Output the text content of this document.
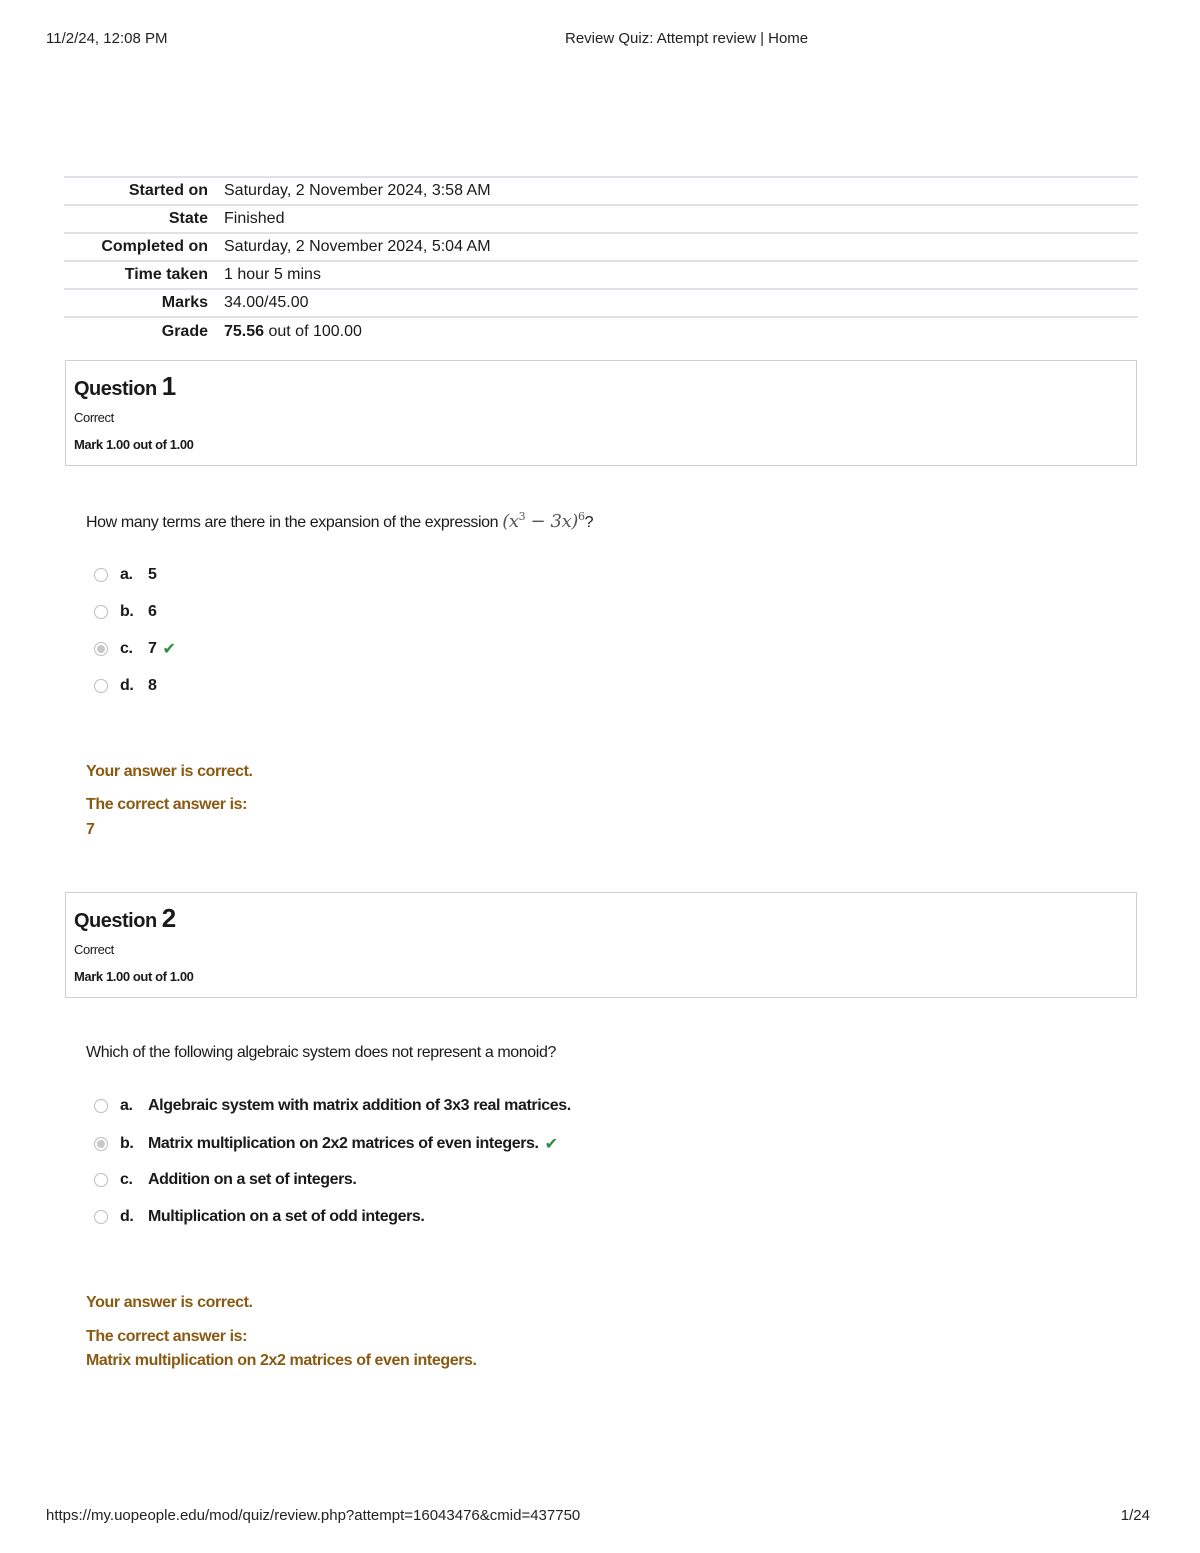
11/2/24, 12:08 PM	Review Quiz: Attempt review | Home
Started on	Saturday, 2 November 2024, 3:58 AM
State	Finished
Completed on	Saturday, 2 November 2024, 5:04 AM
Time taken	1 hour 5 mins
Marks	34.00/45.00
Grade	75.56 out of 100.00
Question 1
Correct
Mark 1.00 out of 1.00
How many terms are there in the expansion of the expression $(x^3 - 3x)^6$?
a. 5
b. 6
c. 7 ✔
d. 8
Your answer is correct.
The correct answer is:
7
Question 2
Correct
Mark 1.00 out of 1.00
Which of the following algebraic system does not represent a monoid?
a. Algebraic system with matrix addition of 3x3 real matrices.
b. Matrix multiplication on 2x2 matrices of even integers. ✔
c. Addition on a set of integers.
d. Multiplication on a set of odd integers.
Your answer is correct.
The correct answer is:
Matrix multiplication on 2x2 matrices of even integers.
https://my.uopeople.edu/mod/quiz/review.php?attempt=16043476&cmid=437750	1/24
